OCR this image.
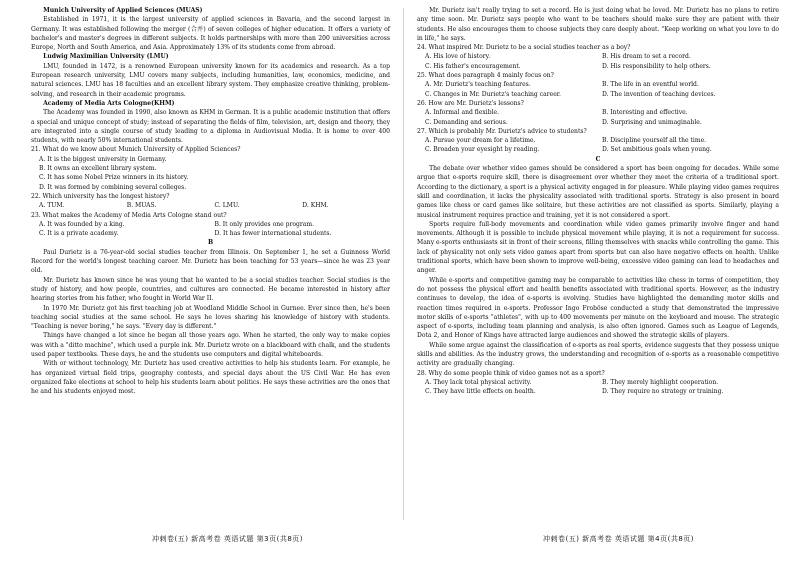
Munich University of Applied Sciences (MUAS)

Established in 1971, it is the largest university of applied sciences in Bavaria, and the second largest in Germany. It was established following the merger (合并) of seven colleges of higher education. It offers a variety of bachelor's and master's degrees in different subjects. It holds partnerships with more than 200 universities across Europe, North and South America, and Asia. Approximately 13% of its students come from abroad.

Ludwig Maximilian University (LMU)

LMU, founded in 1472, is a renowned European university known for its academics and research. As a top European research university, LMU covers many subjects, including humanities, law, economics, medicine, and natural sciences. LMU has 18 faculties and an excellent library system. They emphasize creative thinking, problem-solving, and research in their academic programs.

Academy of Media Arts Cologne(KHM)

The Academy was founded in 1990, also known as KHM in German. It is a public academic institution that offers a special and unique concept of study; instead of separating the fields of film, television, art, design and theory, they are integrated into a single course of study leading to a diploma in Audiovisual Media. It is home to over 400 students, with nearly 50% international students.

21. What do we know about Munich University of Applied Sciences?

A. It is the biggest university in Germany.
B. It owns an excellent library system.
C. It has some Nobel Prize winners in its history.
D. It was formed by combining several colleges.

22. Which university has the longest history?

A. TUM.	B. MUAS.	C. LMU.	D. KHM.

23. What makes the Academy of Media Arts Cologne stand out?

A. It was founded by a king.	B. It only provides one program.
C. It is a private academy.	D. It has fewer international students.

B

Paul Durietz is a 76-year-old social studies teacher from Illinois. On September 1, he set a Guinness World Record for the world's longest teaching career. Mr. Durietz has been teaching for 53 years—since he was 23 year old.

Mr. Durietz has known since he was young that he wanted to be a social studies teacher. Social studies is the study of history, and how people, countries, and cultures are connected. He became interested in history after hearing stories from his father, who fought in World War II.

In 1970 Mr. Durietz got his first teaching job at Woodland Middle School in Gurnee. Ever since then, he's been teaching social studies at the same school. He says he loves sharing his knowledge of history with students. "Teaching is never boring," he says. "Every day is different."

Things have changed a lot since he began all those years ago. When he started, the only way to make copies was with a "ditto machine", which used a purple ink. Mr. Durietz wrote on a blackboard with chalk, and the students used paper textbooks. These days, he and the students use computers and digital whiteboards.

With or without technology, Mr. Durietz has used creative activities to help his students learn. For example, he has organized virtual field trips, geography contests, and special days about the US Civil War. He has even organized fake elections at school to help his students learn about politics. He says these activities are the ones that he and his students enjoyed most.

Mr. Durietz isn't really trying to set a record. He is just doing what he loved. Mr. Durietz has no plans to retire any time soon. Mr. Durietz says people who want to be teachers should make sure they are patient with their students. He also encourages them to choose subjects they care deeply about. "Keep working on what you love to do in life," he says.

24. What inspired Mr. Durietz to be a social studies teacher as a boy?

A. His love of history.	B. His dream to set a record.
C. His father's encouragement.	D. His responsibility to help others.

25. What does paragraph 4 mainly focus on?

A. Mr. Durietz's teaching features.	B. The life in an eventful world.
C. Changes in Mr. Durietz's teaching career.	D. The invention of teaching devices.

26. How are Mr. Durietz's lessons?

A. Informal and flexible.	B. Interesting and effective.
C. Demanding and serious.	D. Surprising and unimaginable.

27. Which is probably Mr. Durietz's advice to students?

A. Pursue your dream for a lifetime.	B. Discipline yourself all the time.
C. Broaden your eyesight by reading.	D. Set ambitious goals when young.

C

The debate over whether video games should be considered a sport has been ongoing for decades. While some argue that e-sports require skill, there is disagreement over whether they meet the criteria of a traditional sport. According to the dictionary, a sport is a physical activity engaged in for pleasure. While playing video games requires skill and coordination, it lacks the physicality associated with traditional sports. Strategy is also present in board games like chess or card games like solitaire, but these activities are not classified as sports. Similarly, playing a musical instrument requires practice and training, yet it is not considered a sport.

Sports require full-body movements and coordination while video games primarily involve finger and hand movements. Although it is possible to include physical movement while playing, it is not a requirement for success. Many e-sports enthusiasts sit in front of their screens, filling themselves with snacks while controlling the game. This lack of physicality not only sets video games apart from sports but can also have negative effects on health. Unlike traditional sports, which have been shown to improve well-being, excessive video gaming can lead to headaches and anger.

While e-sports and competitive gaming may be comparable to activities like chess in terms of competition, they do not possess the physical effort and health benefits associated with traditional sports. However, as the industry continues to develop, the idea of e-sports is evolving. Studies have highlighted the demanding motor skills and reaction times required in e-sports. Professor Ingo Froböse conducted a study that demonstrated the impressive motor skills of e-sports "athletes", with up to 400 movements per minute on the keyboard and mouse. The strategic aspect of e-sports, including team planning and analysis, is also often ignored. Games such as League of Legends, Dota 2, and Honor of Kings have attracted large audiences and showed the strategic skills of players.

While some argue against the classification of e-sports as real sports, evidence suggests that they possess unique skills and abilities. As the industry grows, the understanding and recognition of e-sports as a reasonable competitive activity are gradually changing.

28. Why do some people think of video games not as a sport?

A. They lack total physical activity.	B. They merely highlight cooperation.
C. They have little effects on health.	D. They require no strategy or training.
冲刺卷(五) 新高考卷 英语试题 第3页(共8页)	冲刺卷(五) 新高考卷 英语试题 第4页(共8页)
